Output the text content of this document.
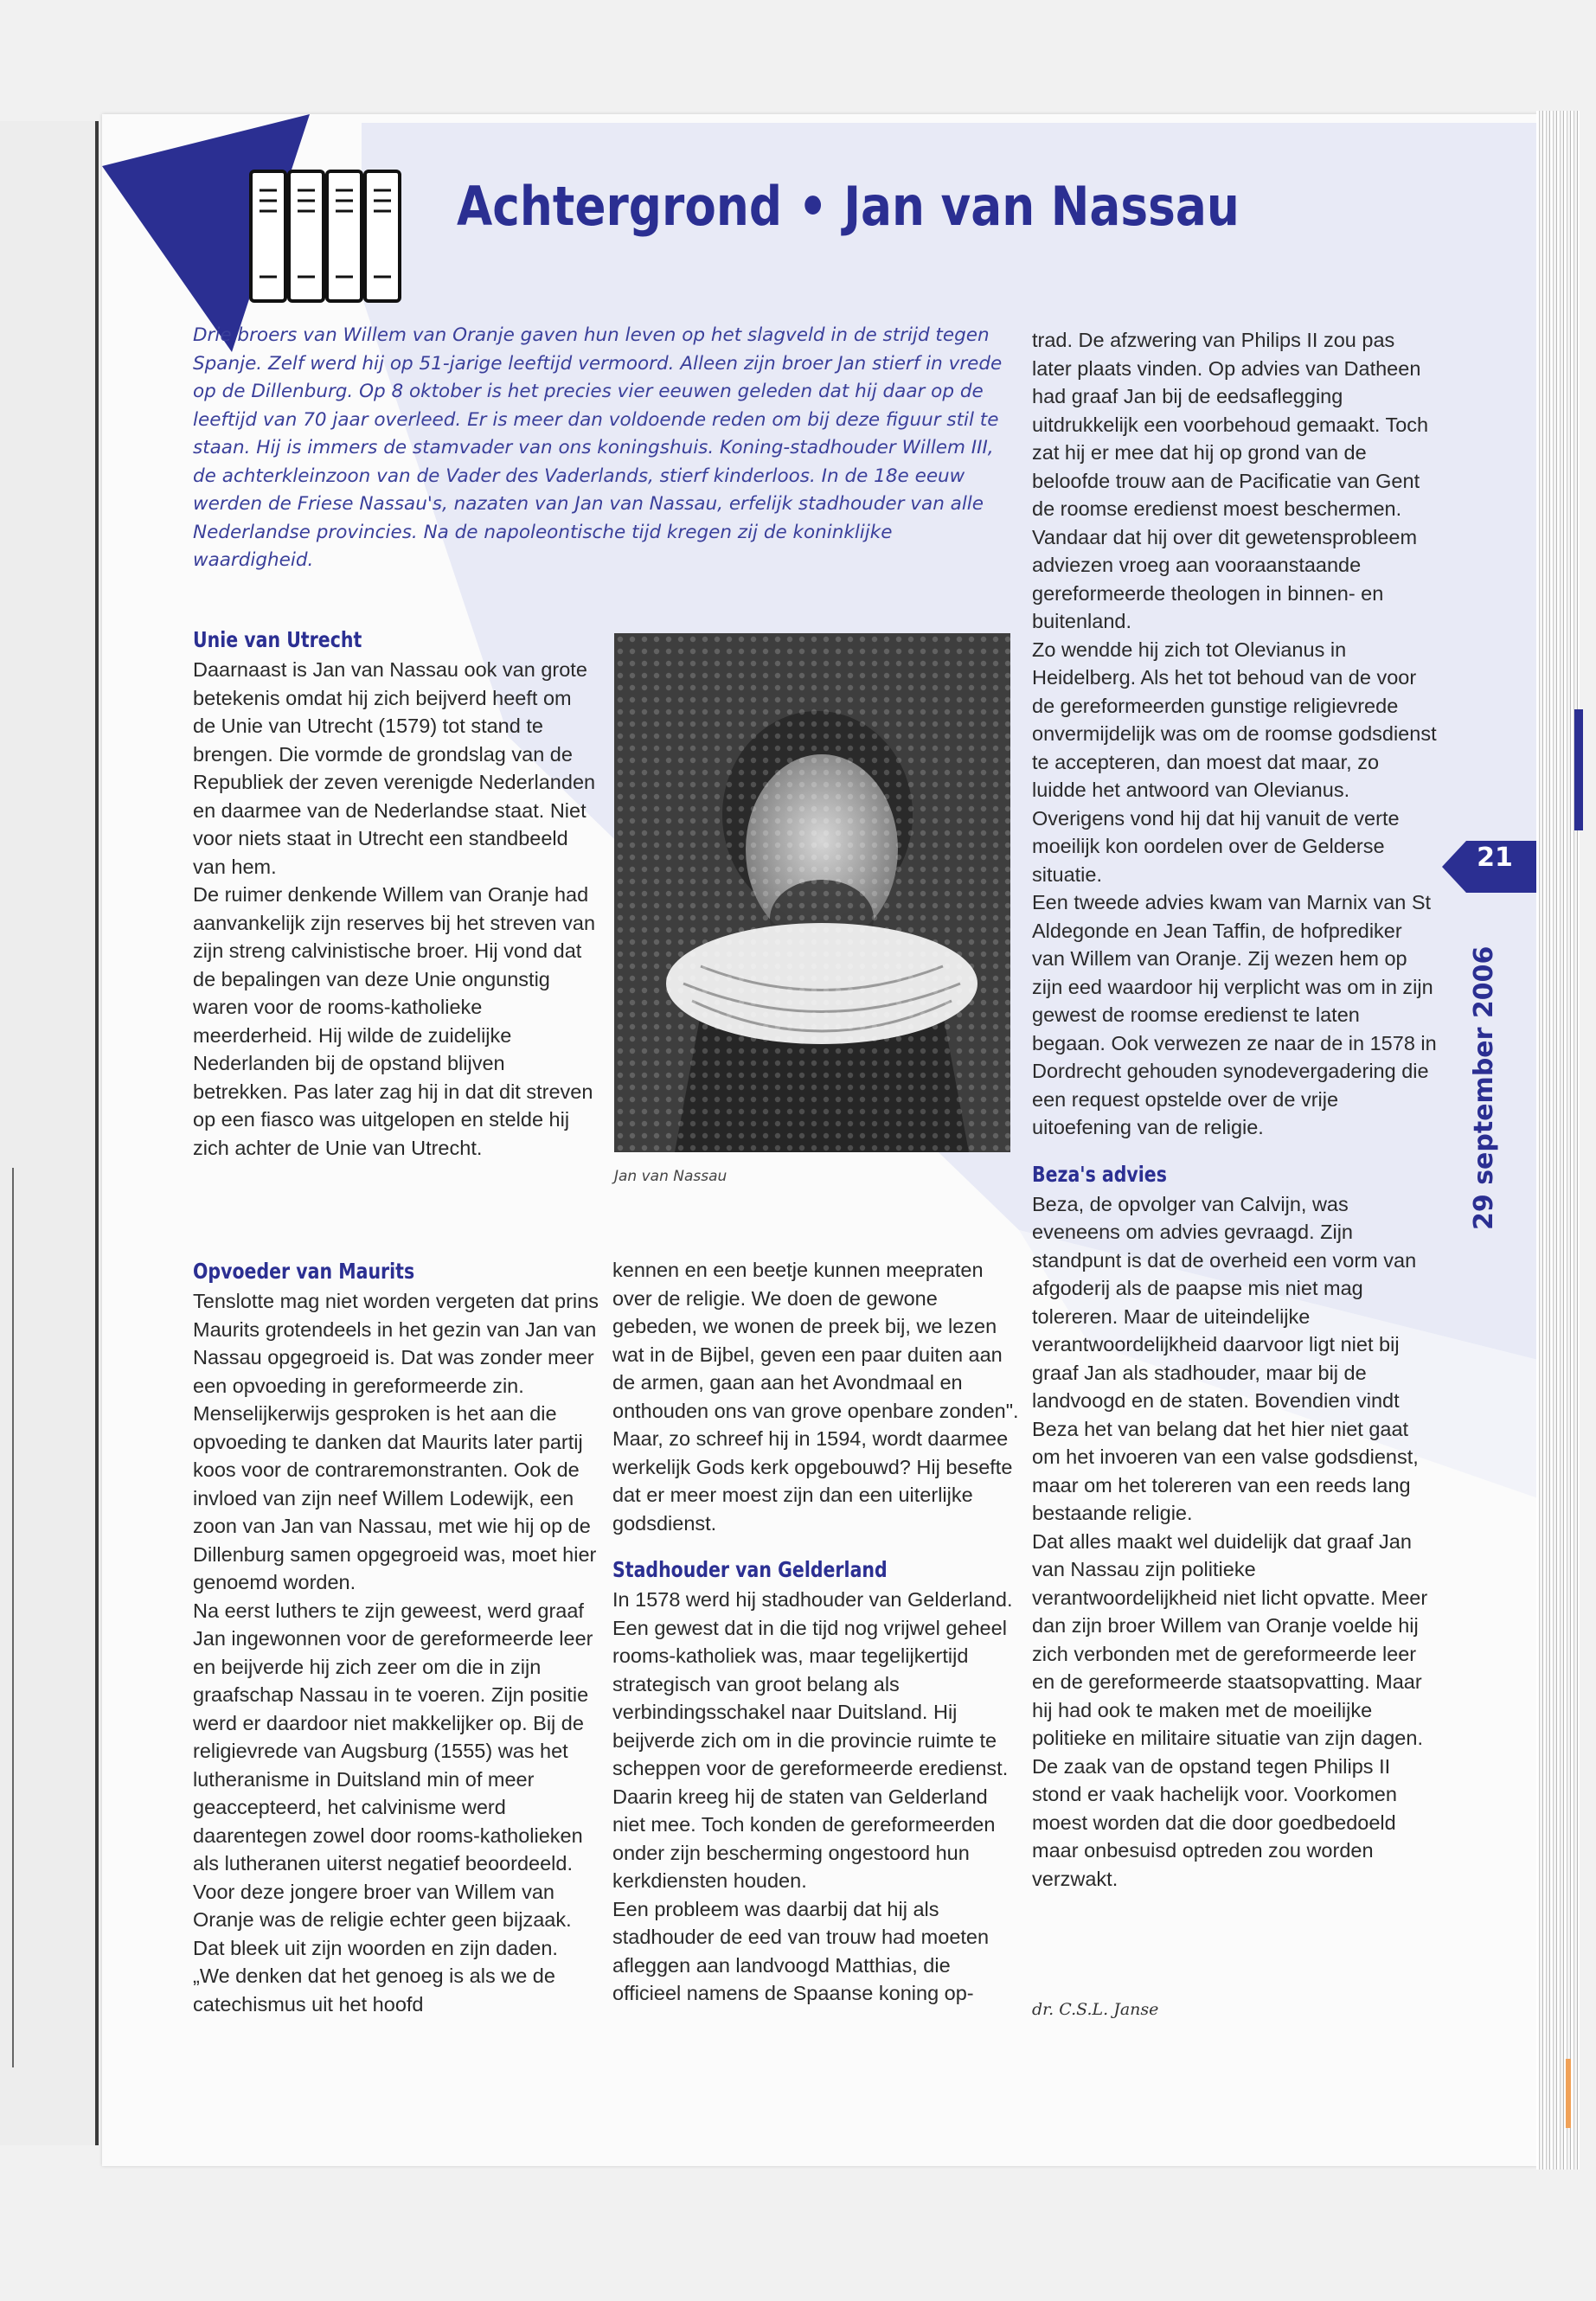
Achtergrond • Jan van Nassau

Drie broers van Willem van Oranje gaven hun leven op het slagveld in de strijd tegen Spanje. Zelf werd hij op 51-jarige leeftijd vermoord. Alleen zijn broer Jan stierf in vrede op de Dillenburg. Op 8 oktober is het precies vier eeuwen geleden dat hij daar op de leeftijd van 70 jaar overleed. Er is meer dan voldoende reden om bij deze figuur stil te staan. Hij is immers de stamvader van ons koningshuis. Koning-stadhouder Willem III, de achterkleinzoon van de Vader des Vaderlands, stierf kinderloos. In de 18e eeuw werden de Friese Nassau's, nazaten van Jan van Nassau, erfelijk stadhouder van alle Nederlandse provincies. Na de napoleontische tijd kregen zij de koninklijke waardigheid.

Unie van Utrecht

Daarnaast is Jan van Nassau ook van grote betekenis omdat hij zich beijverd heeft om de Unie van Utrecht (1579) tot stand te brengen. Die vormde de grondslag van de Republiek der zeven verenigde Nederlanden en daarmee van de Nederlandse staat. Niet voor niets staat in Utrecht een standbeeld van hem.

De ruimer denkende Willem van Oranje had aanvankelijk zijn reserves bij het streven van zijn streng calvinistische broer. Hij vond dat de bepalingen van deze Unie ongunstig waren voor de rooms-katholieke meerderheid. Hij wilde de zuidelijke Nederlanden bij de opstand blijven betrekken. Pas later zag hij in dat dit streven op een fiasco was uitgelopen en stelde hij zich achter de Unie van Utrecht.

Opvoeder van Maurits

Tenslotte mag niet worden vergeten dat prins Maurits grotendeels in het gezin van Jan van Nassau opgegroeid is. Dat was zonder meer een opvoeding in gereformeerde zin. Menselijkerwijs gesproken is het aan die opvoeding te danken dat Maurits later partij koos voor de contraremonstranten. Ook de invloed van zijn neef Willem Lodewijk, een zoon van Jan van Nassau, met wie hij op de Dillenburg samen opgegroeid was, moet hier genoemd worden.

Na eerst luthers te zijn geweest, werd graaf Jan ingewonnen voor de gereformeerde leer en beijverde hij zich zeer om die in zijn graafschap Nassau in te voeren. Zijn positie werd er daardoor niet makkelijker op. Bij de religievrede van Augsburg (1555) was het lutheranisme in Duitsland min of meer geaccepteerd, het calvinisme werd daarentegen zowel door rooms-katholieken als lutheranen uiterst negatief beoordeeld. Voor deze jongere broer van Willem van Oranje was de religie echter geen bijzaak. Dat bleek uit zijn woorden en zijn daden. „We denken dat het genoeg is als we de catechismus uit het hoofd

kennen en een beetje kunnen meepraten over de religie. We doen de gewone gebeden, we wonen de preek bij, we lezen wat in de Bijbel, geven een paar duiten aan de armen, gaan aan het Avondmaal en onthouden ons van grove openbare zonden". Maar, zo schreef hij in 1594, wordt daarmee werkelijk Gods kerk opgebouwd? Hij besefte dat er meer moest zijn dan een uiterlijke godsdienst.

Stadhouder van Gelderland

In 1578 werd hij stadhouder van Gelderland. Een gewest dat in die tijd nog vrijwel geheel rooms-katholiek was, maar tegelijkertijd strategisch van groot belang als verbindingsschakel naar Duitsland. Hij beijverde zich om in die provincie ruimte te scheppen voor de gereformeerde eredienst. Daarin kreeg hij de staten van Gelderland niet mee. Toch konden de gereformeerden onder zijn bescherming ongestoord hun kerkdiensten houden.

Een probleem was daarbij dat hij als stadhouder de eed van trouw had moeten afleggen aan landvoogd Matthias, die officieel namens de Spaanse koning op-

trad. De afzwering van Philips II zou pas later plaats vinden. Op advies van Datheen had graaf Jan bij de eedsaflegging uitdrukkelijk een voorbehoud gemaakt. Toch zat hij er mee dat hij op grond van de beloofde trouw aan de Pacificatie van Gent de roomse eredienst moest beschermen. Vandaar dat hij over dit gewetensprobleem adviezen vroeg aan vooraanstaande gereformeerde theologen in binnen- en buitenland.

Zo wendde hij zich tot Olevianus in Heidelberg. Als het tot behoud van de voor de gereformeerden gunstige religievrede onvermijdelijk was om de roomse godsdienst te accepteren, dan moest dat maar, zo luidde het antwoord van Olevianus. Overigens vond hij dat hij vanuit de verte moeilijk kon oordelen over de Gelderse situatie.

Een tweede advies kwam van Marnix van St Aldegonde en Jean Taffin, de hofprediker van Willem van Oranje. Zij wezen hem op zijn eed waardoor hij verplicht was om in zijn gewest de roomse eredienst te laten begaan. Ook verwezen ze naar de in 1578 in Dordrecht gehouden synodevergadering die een request opstelde over de vrije uitoefening van de religie.

Beza's advies

Beza, de opvolger van Calvijn, was eveneens om advies gevraagd. Zijn standpunt is dat de overheid een vorm van afgoderij als de paapse mis niet mag tolereren. Maar de uiteindelijke verantwoordelijkheid daarvoor ligt niet bij graaf Jan als stadhouder, maar bij de landvoogd en de staten. Bovendien vindt Beza het van belang dat het hier niet gaat om het invoeren van een valse godsdienst, maar om het tolereren van een reeds lang bestaande religie.

Dat alles maakt wel duidelijk dat graaf Jan van Nassau zijn politieke verantwoordelijkheid niet licht opvatte. Meer dan zijn broer Willem van Oranje voelde hij zich verbonden met de gereformeerde leer en de gereformeerde staatsopvatting. Maar hij had ook te maken met de moeilijke politieke en militaire situatie van zijn dagen. De zaak van de opstand tegen Philips II stond er vaak hachelijk voor. Voorkomen moest worden dat die door goedbedoeld maar onbesuisd optreden zou worden verzwakt.

Jan van Nassau

dr. C.S.L. Janse

21
29 september 2006
